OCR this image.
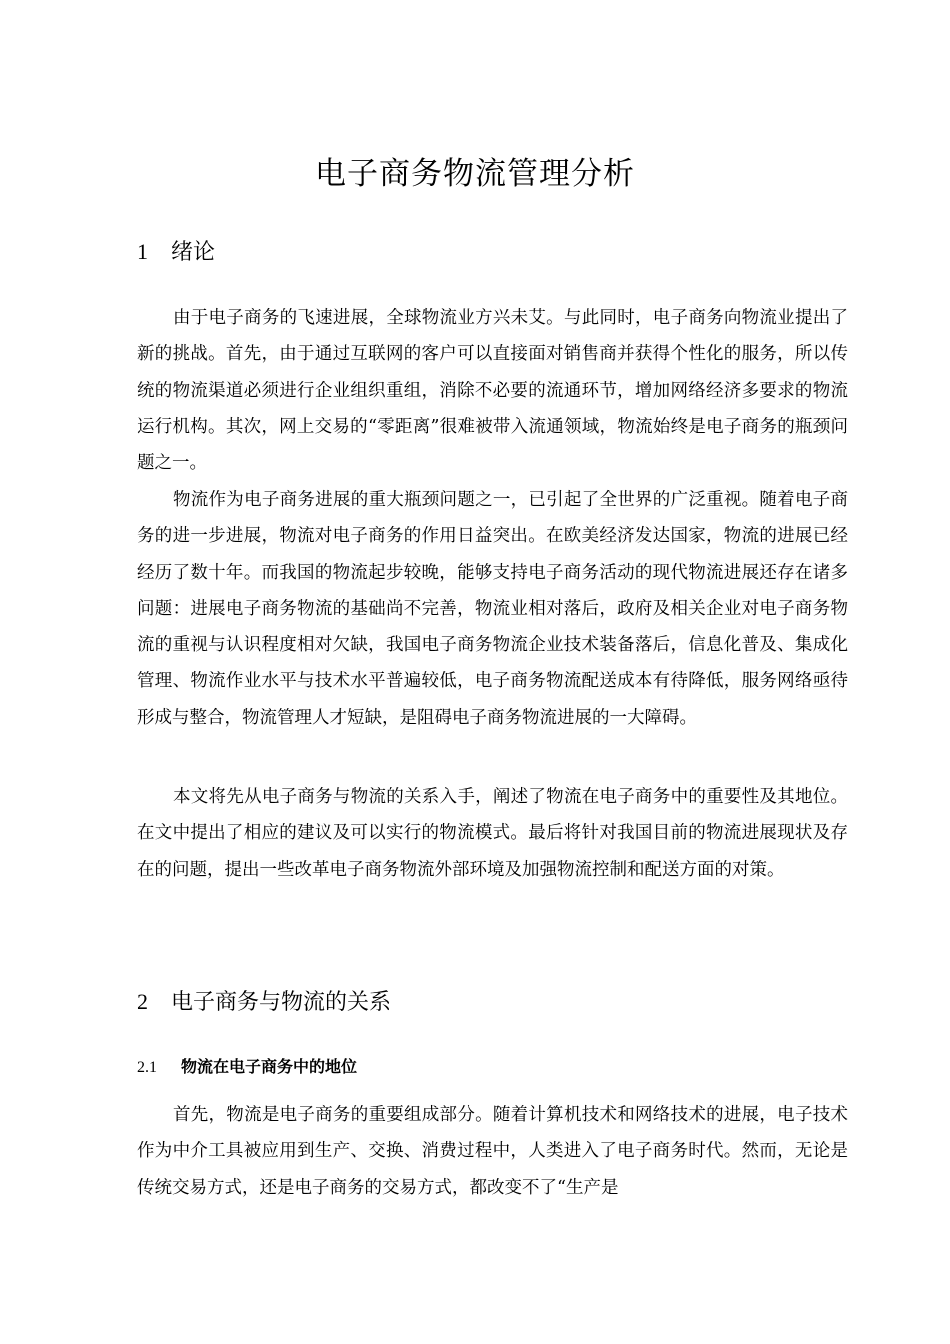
电子商务物流管理分析
1 绪论

由于电子商务的飞速进展，全球物流业方兴未艾。与此同时，电子商务向物流业提出了新的挑战。首先，由于通过互联网的客户可以直接面对销售商并获得个性化的服务，所以传统的物流渠道必须进行企业组织重组，消除不必要的流通环节，增加网络经济多要求的物流运行机构。其次，网上交易的“零距离”很难被带入流通领域，物流始终是电子商务的瓶颈问题之一。

物流作为电子商务进展的重大瓶颈问题之一，已引起了全世界的广泛重视。随着电子商务的进一步进展，物流对电子商务的作用日益突出。在欧美经济发达国家，物流的进展已经经历了数十年。而我国的物流起步较晚，能够支持电子商务活动的现代物流进展还存在诸多问题：进展电子商务物流的基础尚不完善，物流业相对落后，政府及相关企业对电子商务物流的重视与认识程度相对欠缺，我国电子商务物流企业技术装备落后，信息化普及、集成化管理、物流作业水平与技术水平普遍较低，电子商务物流配送成本有待降低，服务网络亟待形成与整合，物流管理人才短缺，是阻碍电子商务物流进展的一大障碍。

本文将先从电子商务与物流的关系入手，阐述了物流在电子商务中的重要性及其地位。在文中提出了相应的建议及可以实行的物流模式。最后将针对我国目前的物流进展现状及存在的问题，提出一些改革电子商务物流外部环境及加强物流控制和配送方面的对策。

2 电子商务与物流的关系
2.1 物流在电子商务中的地位

首先，物流是电子商务的重要组成部分。随着计算机技术和网络技术的进展，电子技术作为中介工具被应用到生产、交换、消费过程中，人类进入了电子商务时代。然而，无论是传统交易方式，还是电子商务的交易方式，都改变不了“生产是
